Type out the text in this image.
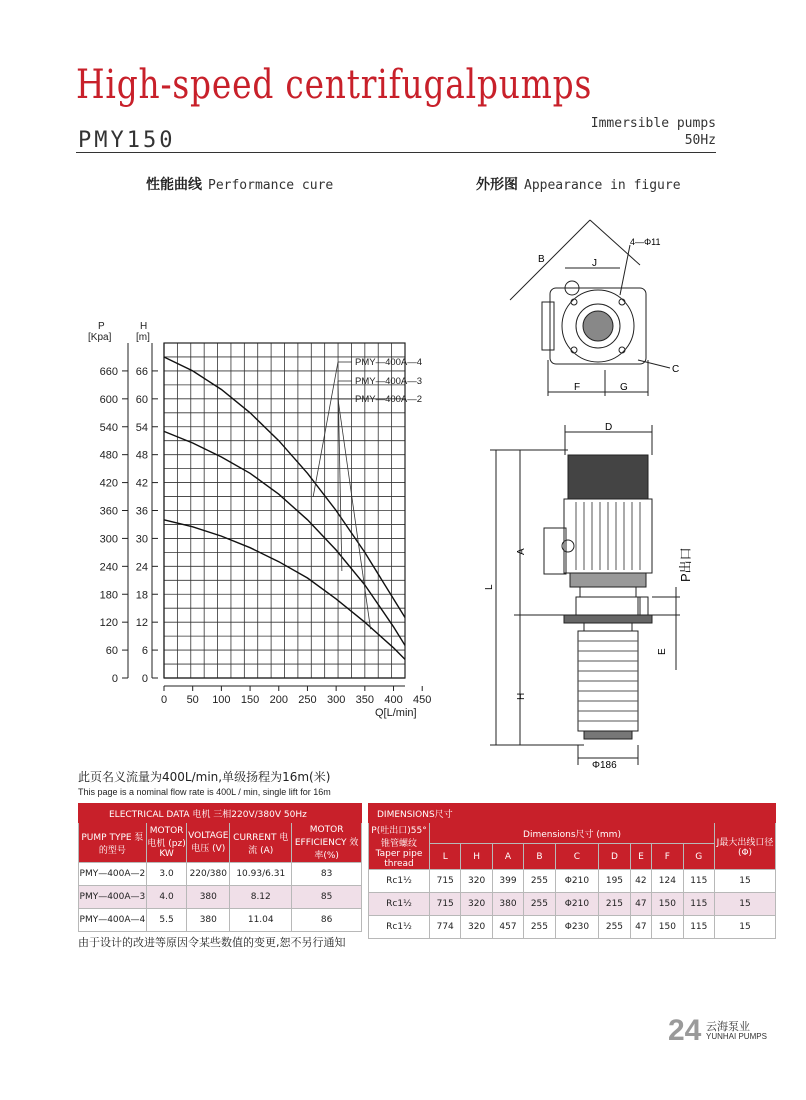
High-speed centrifugalpumps
PMY150
Immersible pumps
50Hz
性能曲线 Performance cure	外形图 Appearance in figure
0
6
12
18
24
30
36
42
48
54
60
66
0
60
120
180
240
300
360
420
480
540
600
660
0 50 100 150 200 250 300 350 400 450
P
[Kpa]
H
[m]
Q[L/min]
PMY—400A—4
PMY—400A—3
PMY—400A—2
B	J
4—Φ11
C
F	G
D
A
L
H
E
Φ186
P出口
此页名义流量为400L/min,单级扬程为16m(米)
This page is a nominal flow rate is 400L / min, single lift for 16m
ELECTRICAL DATA 电机 三相220V/380V 50Hz				
PUMP TYPE 泵的型号	MOTOR 电机 (pz) KW	VOLTAGE 电压 (V)	CURRENT 电流 (A)	MOTOR EFFICIENCY 效率(%)
PMY—400A—2	3.0	220/380	10.93/6.31	83
PMY—400A—3	4.0	380	8.12	85
PMY—400A—4	5.5	380	11.04	86
DIMENSIONS尺寸										
P(吐出口)55° 锥管螺纹 Taper pipe thread	Dimensions尺寸 (mm)									J最大出线口径(Φ)
	L	H	A	B	C	D	E	F	G	
Rc1½	715	320	399	255	Φ210	195	42	124	115	15
Rc1½	715	320	380	255	Φ210	215	47	150	115	15
Rc1½	774	320	457	255	Φ230	255	47	150	115	15
由于设计的改进等原因令某些数值的变更,恕不另行通知
24 云海泵业
YUNHAI PUMPS
